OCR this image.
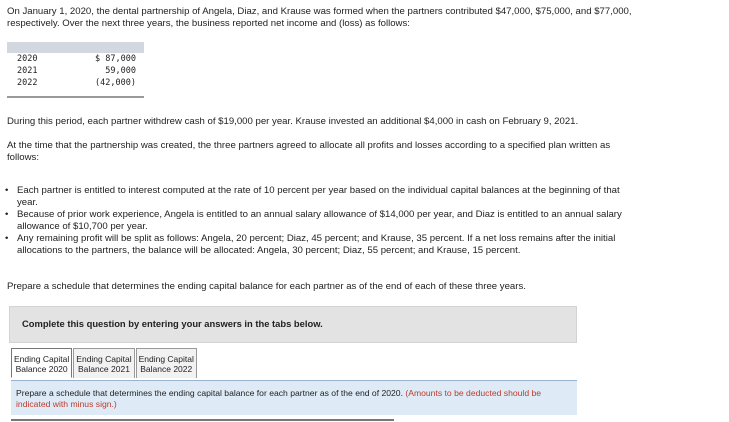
On January 1, 2020, the dental partnership of Angela, Diaz, and Krause was formed when the partners contributed $47,000, $75,000, and $77,000, respectively. Over the next three years, the business reported net income and (loss) as follows:
2020	$ 87,000
2021	59,000
2022	(42,000)
During this period, each partner withdrew cash of $19,000 per year. Krause invested an additional $4,000 in cash on February 9, 2021.
At the time that the partnership was created, the three partners agreed to allocate all profits and losses according to a specified plan written as follows:
• Each partner is entitled to interest computed at the rate of 10 percent per year based on the individual capital balances at the beginning of that year.
• Because of prior work experience, Angela is entitled to an annual salary allowance of $14,000 per year, and Diaz is entitled to an annual salary allowance of $10,700 per year.
• Any remaining profit will be split as follows: Angela, 20 percent; Diaz, 45 percent; and Krause, 35 percent. If a net loss remains after the initial allocations to the partners, the balance will be allocated: Angela, 30 percent; Diaz, 55 percent; and Krause, 15 percent.
Prepare a schedule that determines the ending capital balance for each partner as of the end of each of these three years.
Complete this question by entering your answers in the tabs below.
Ending Capital
Balance 2020
Ending Capital
Balance 2021
Ending Capital
Balance 2022
Prepare a schedule that determines the ending capital balance for each partner as of the end of 2020. (Amounts to be deducted should be indicated with minus sign.)
